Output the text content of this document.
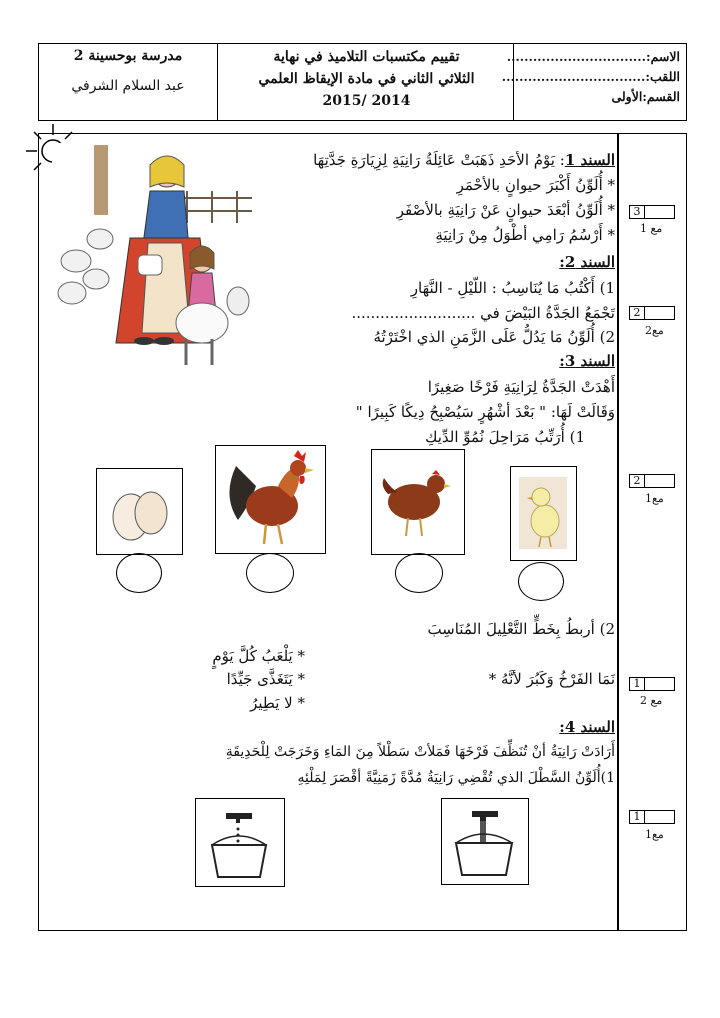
الاسم:................................
اللقب:.................................
القسم:الأولى
تقييم مكتسبات التلاميذ في نهاية
الثلاثي الثاني في مادة الإيقاظ العلمي
2015/ 2014
مدرسة بوحسينة 2
عبد السلام الشرفي
السند 1: يَوْمُ الأحَدِ ذَهَبَتْ عَائِلَةُ رَانِيَةِ لِزِيَارَةِ جَدَّتِهَا
* أُلَوِّنُ أَكْبَرَ حيوانٍ بالأحْمَرِ
* أُلَوِّنُ أبْعَدَ حيوانٍ عَنْ رَانِيَةِ بالأصْفَرِ
* أَرْسُمُ رَامِي أطْوَلُ مِنْ رَانِيَةِ
السند 2:
1) أَكْتُبُ مَا يُنَاسِبُ : اللّيْلِ - النَّهَارِ
تَجْمَعُ الجَدَّةُ البَيْضَ في ..........................
2) أُلَوِّنُ مَا يَدُلُّ عَلَى الزَّمَنِ الذي اخْتَرْتُهُ
السند 3:
أَهْدَتْ الجَدَّةُ لِرَانِيَةِ فَرْخًا صَغِيرًا
وَقَالَتْ لَهَا: " بَعْدَ أشْهُرٍ سَيُصْبِحُ دِيكًا كَبِيرًا "
1) أُرَتِّبُ مَرَاحِلَ نُمُوِّ الدِّيكِ
2) أربطُ بِخَطٍّ التَّعْلِيلَ المُنَاسِبَ
* يَلْعَبُ كُلَّ يَوْمٍ
نَمَا الفَرْخُ وَكَبُرَ لأنَّهُ *
* يَتَغَذَّى جَيِّدًا
* لا يَطِيرُ
السند 4:
أَرَادَتْ رَانِيَةُ أنْ تُنَظِّفَ فَرْخَهَا فَمَلأتْ سَطْلاً مِنَ المَاءِ وَخَرَجَتْ لِلْحَدِيقَةِ
1)أُلَوِّنُ السَّطْلَ الذي تُقْضِي رَانِيَةُ مُدَّةً زَمَنِيَّةً أقْصَرَ لِمَلْئِهِ
3
مع 1
2
مع2
2
مع1
1
مع 2
1
مع1
